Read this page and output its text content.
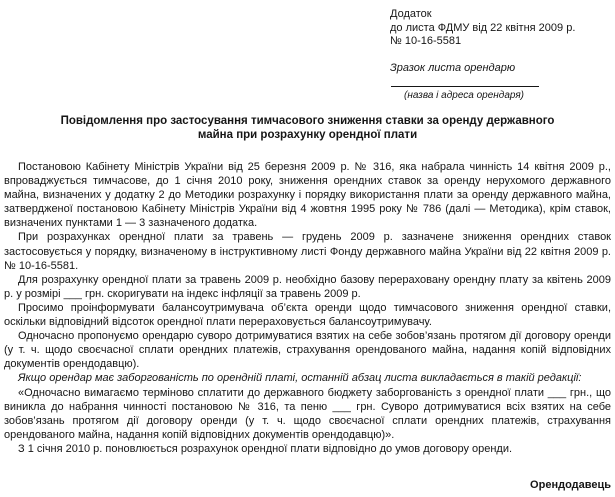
Додаток
до листа ФДМУ від 22 квітня 2009 р.
№ 10-16-5581
Зразок листа орендарю
(назва і адреса орендаря)
Повідомлення про застосування тимчасового зниження ставки за оренду державного майна при розрахунку орендної плати

Постановою Кабінету Міністрів України від 25 березня 2009 р. № 316, яка набрала чинність 14 квітня 2009 р., впроваджується тимчасове, до 1 січня 2010 року, зниження орендних ставок за оренду нерухомого державного майна, визначених у додатку 2 до Методики розрахунку і порядку використання плати за оренду державного майна, затвердженої постановою Кабінету Міністрів України від 4 жовтня 1995 року № 786 (далі — Методика), крім ставок, визначених пунктами 1 — 3 зазначеного додатка.

При розрахунках орендної плати за травень — грудень 2009 р. зазначене зниження орендних ставок застосовується у порядку, визначеному в інструктивному листі Фонду державного майна України від 22 квітня 2009 р. № 10-16-5581.

Для розрахунку орендної плати за травень 2009 р. необхідно базову перераховану орендну плату за квітень 2009 р. у розмірі ___ грн. скоригувати на індекс інфляції за травень 2009 р.

Просимо проінформувати балансоутримувача об’єкта оренди щодо тимчасового зниження орендної ставки, оскільки відповідний відсоток орендної плати перераховується балансоутримувачу.

Одночасно пропонуємо орендарю суворо дотримуватися взятих на себе зобов’язань протягом дії договору оренди (у т. ч. щодо своєчасної сплати орендних платежів, страхування орендованого майна, надання копій відповідних документів орендодавцю).

Якщо орендар має заборгованість по орендній платі, останній абзац листа викладається в такій редакції:

«Одночасно вимагаємо терміново сплатити до державного бюджету заборгованість з орендної плати ___ грн., що виникла до набрання чинності постановою № 316, та пеню ___ грн. Суворо дотримуватися всіх взятих на себе зобов’язань протягом дії договору оренди (у т. ч. щодо своєчасної сплати орендних платежів, страхування орендованого майна, надання копій відповідних документів орендодавцю)».

З 1 січня 2010 р. поновлюється розрахунок орендної плати відповідно до умов договору оренди.

Орендодавець
